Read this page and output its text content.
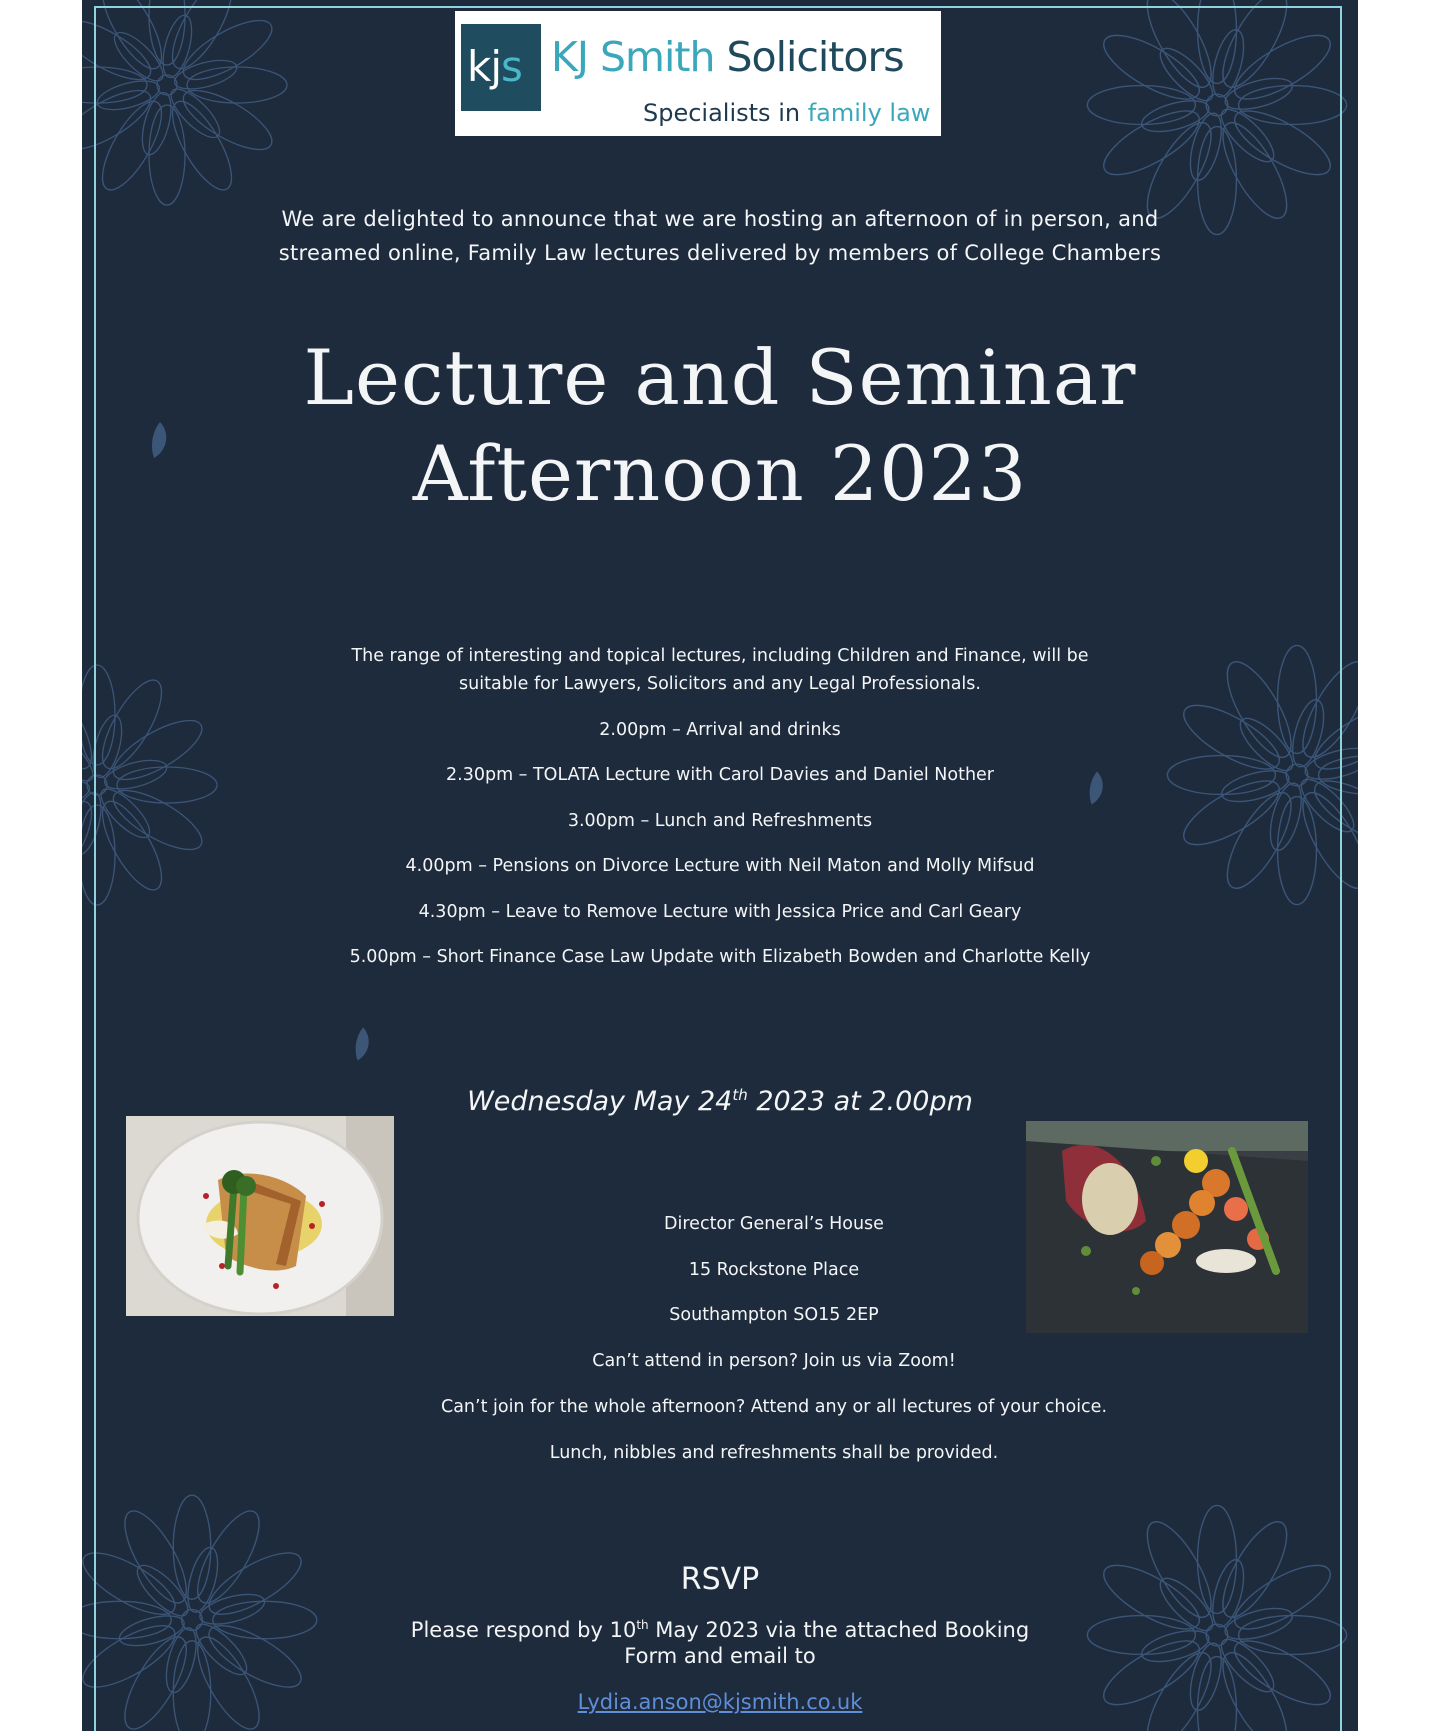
kjs KJ Smith Solicitors
Specialists in family law
We are delighted to announce that we are hosting an afternoon of in person, and
streamed online, Family Law lectures delivered by members of College Chambers
Lecture and Seminar
Afternoon 2023
The range of interesting and topical lectures, including Children and Finance, will be
suitable for Lawyers, Solicitors and any Legal Professionals.
2.00pm – Arrival and drinks
2.30pm – TOLATA Lecture with Carol Davies and Daniel Nother
3.00pm – Lunch and Refreshments
4.00pm – Pensions on Divorce Lecture with Neil Maton and Molly Mifsud
4.30pm – Leave to Remove Lecture with Jessica Price and Carl Geary
5.00pm – Short Finance Case Law Update with Elizabeth Bowden and Charlotte Kelly
Wednesday May 24th 2023 at 2.00pm
Director General’s House
15 Rockstone Place
Southampton SO15 2EP
Can’t attend in person? Join us via Zoom!
Can’t join for the whole afternoon? Attend any or all lectures of your choice.
Lunch, nibbles and refreshments shall be provided.
RSVP
Please respond by 10th May 2023 via the attached Booking
Form and email to
Lydia.anson@kjsmith.co.uk
